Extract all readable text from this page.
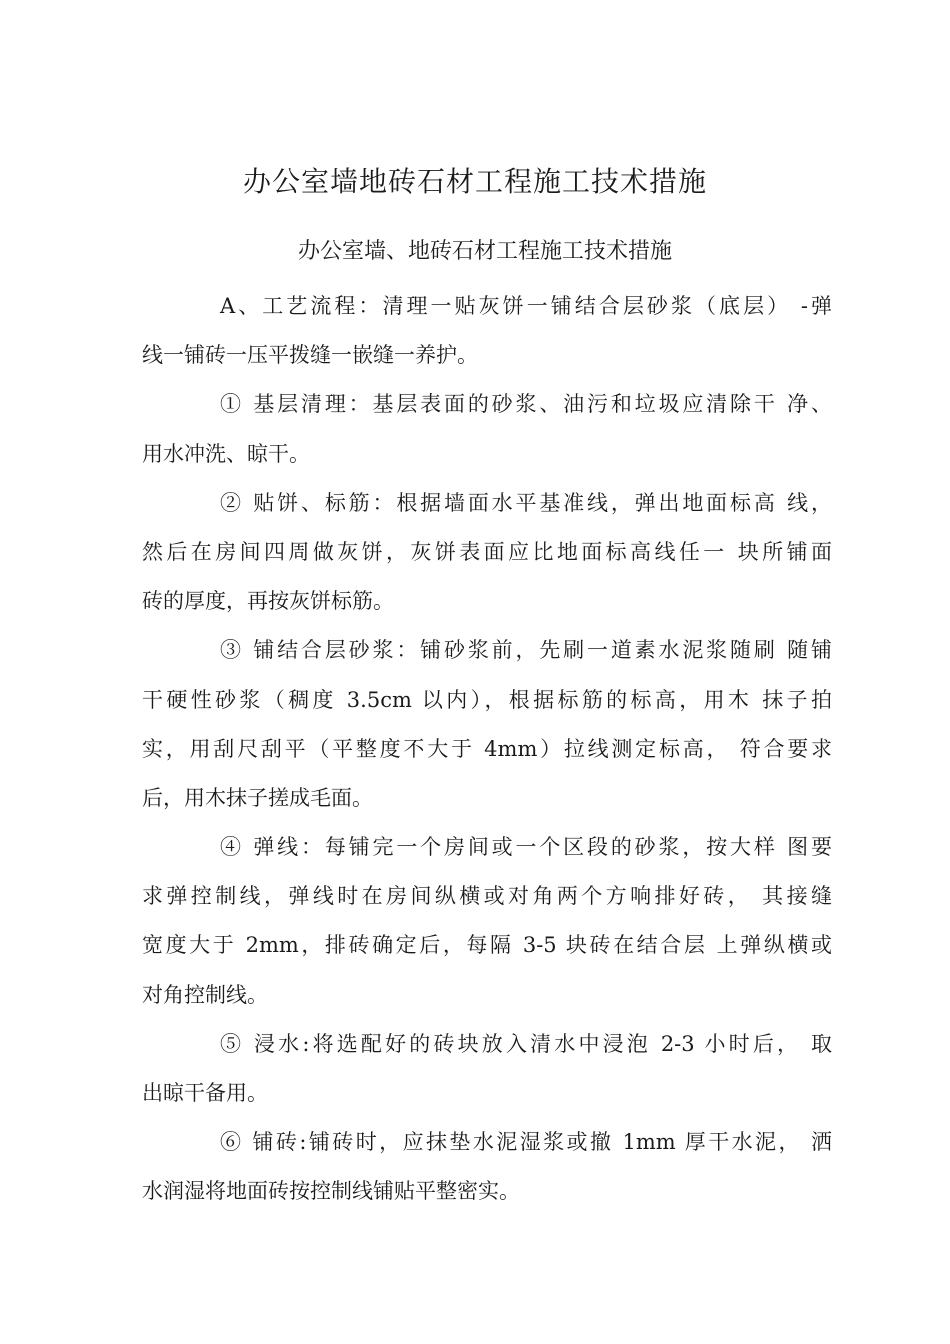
办公室墙地砖石材工程施工技术措施
办公室墙、地砖石材工程施工技术措施
A、工艺流程：清理一贴灰饼一铺结合层砂浆（底层） -弹
线一铺砖一压平拨缝一嵌缝一养护。
① 基层清理：基层表面的砂浆、油污和垃圾应清除干 净、
用水冲洗、晾干。
② 贴饼、标筋：根据墙面水平基准线，弹出地面标高 线，
然后在房间四周做灰饼，灰饼表面应比地面标高线任一 块所铺面
砖的厚度，再按灰饼标筋。
③ 铺结合层砂浆：铺砂浆前，先刷一道素水泥浆随刷 随铺
干硬性砂浆（稠度 3.5cm 以内），根据标筋的标高，用木 抹子拍
实，用刮尺刮平（平整度不大于 4mm）拉线测定标高， 符合要求
后，用木抹子搓成毛面。
④ 弹线：每铺完一个房间或一个区段的砂浆，按大样 图要
求弹控制线，弹线时在房间纵横或对角两个方响排好砖， 其接缝
宽度大于 2mm，排砖确定后，每隔 3-5 块砖在结合层 上弹纵横或
对角控制线。
⑤ 浸水:将选配好的砖块放入清水中浸泡 2-3 小时后， 取
出晾干备用。
⑥ 铺砖:铺砖时，应抹垫水泥湿浆或撤 1mm 厚干水泥， 洒
水润湿将地面砖按控制线铺贴平整密实。
